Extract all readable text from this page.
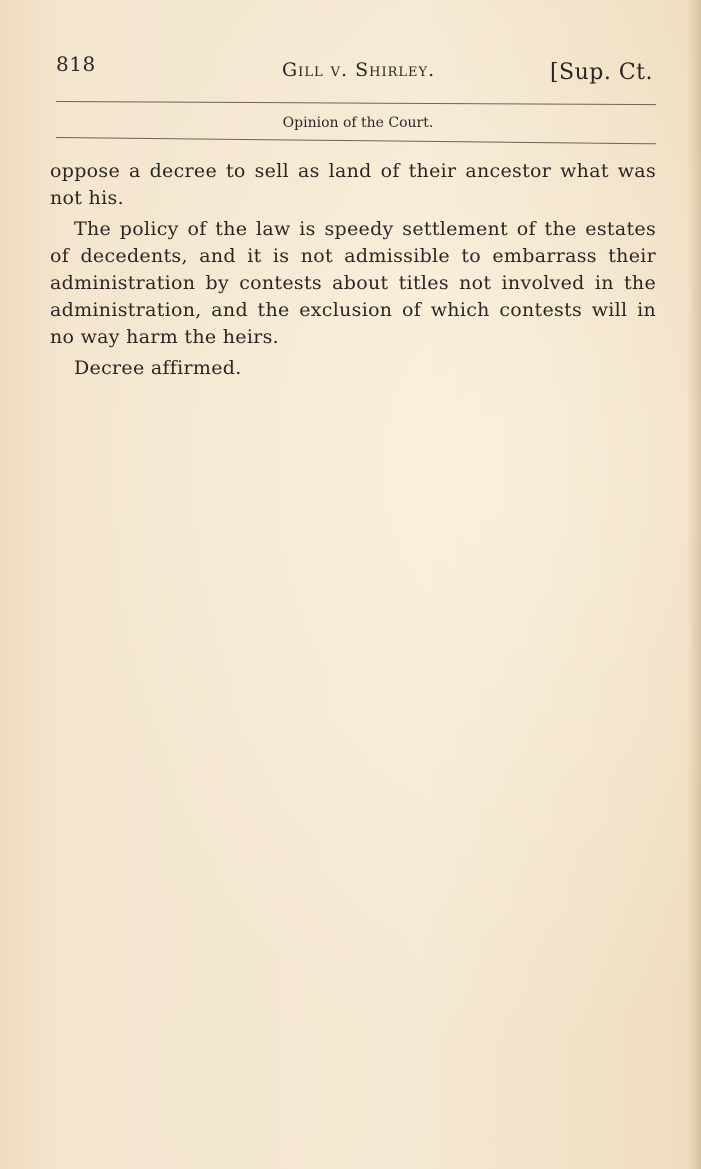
818	Gill v. Shirley.	[Sup. Ct.
Opinion of the Court.

oppose a decree to sell as land of their ancestor what was not his.

The policy of the law is speedy settlement of the estates of decedents, and it is not admissible to embarrass their administration by contests about titles not involved in the administration, and the exclusion of which contests will in no way harm the heirs.

Decree affirmed.
